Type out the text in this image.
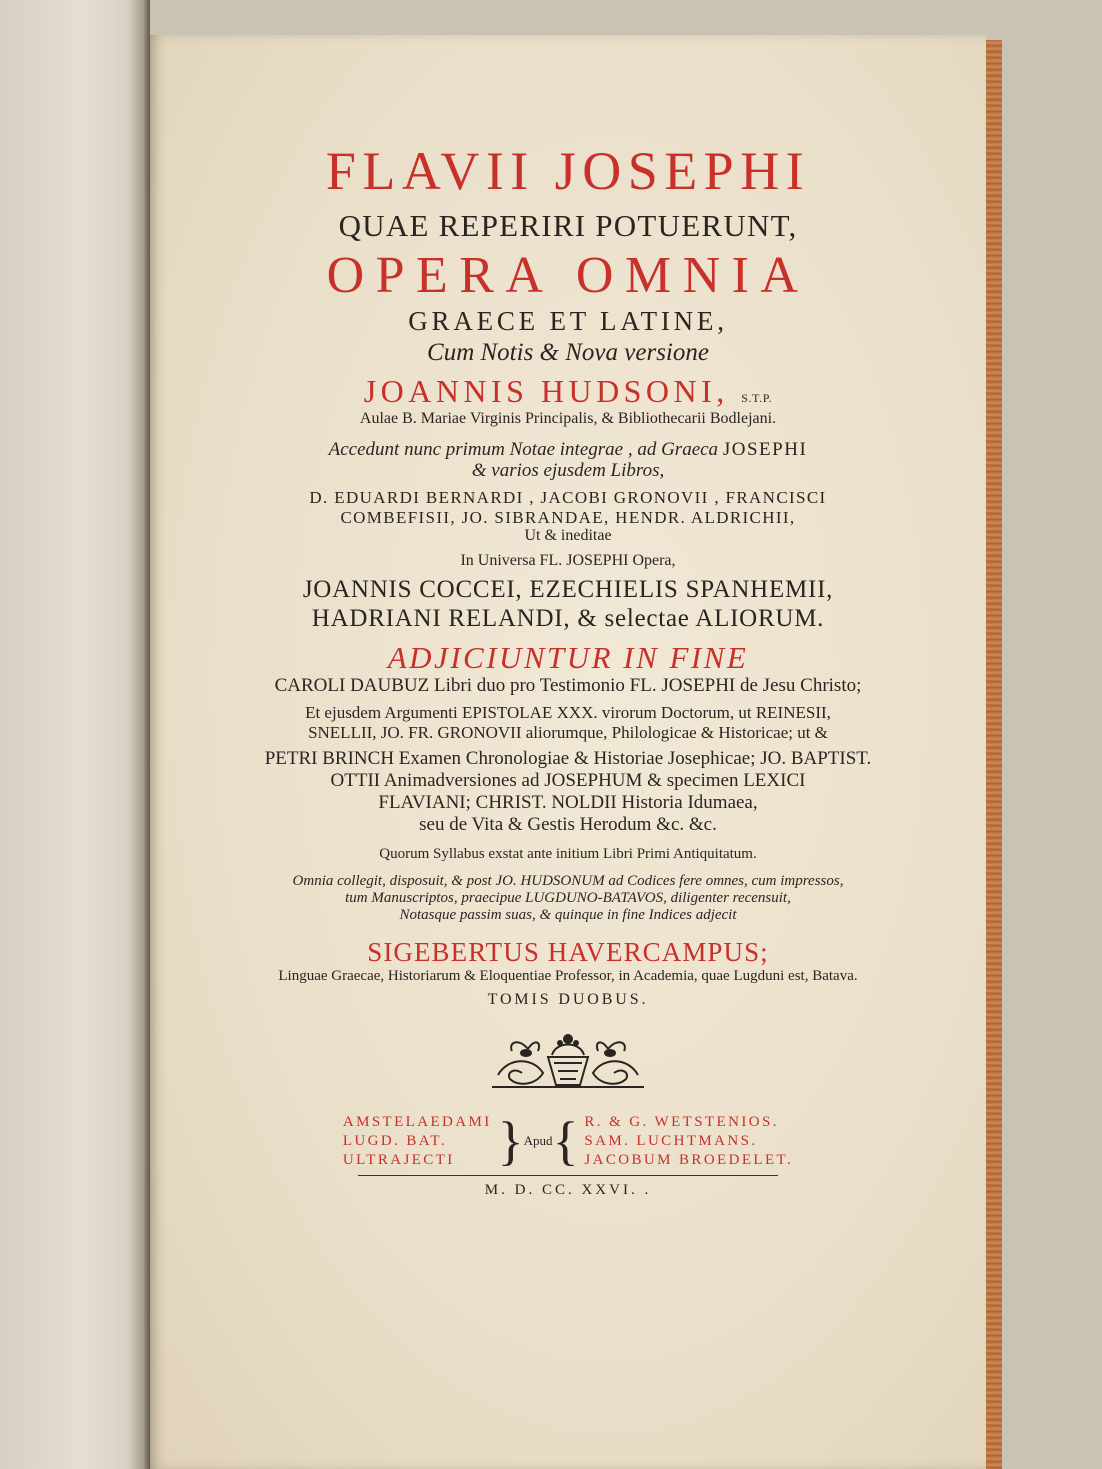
FLAVII JOSEPHI
QUAE REPERIRI POTUERUNT,
OPERA OMNIA
GRAECE ET LATINE,
Cum Notis & Nova versione
JOANNIS HUDSONI, S.T.P.
Aulae B. Mariae Virginis Principalis, & Bibliothecarii Bodlejani.
Accedunt nunc primum Notae integrae , ad Graeca JOSEPHI
& varios ejusdem Libros,
D. EDUARDI BERNARDI , JACOBI GRONOVII , FRANCISCI
COMBEFISII, JO. SIBRANDAE, HENDR. ALDRICHII,
Ut & ineditae
In Universa FL. JOSEPHI Opera,
JOANNIS COCCEI, EZECHIELIS SPANHEMII,
HADRIANI RELANDI, & selectae ALIORUM.
ADJICIUNTUR IN FINE
CAROLI DAUBUZ Libri duo pro Testimonio FL. JOSEPHI de Jesu Christo;
Et ejusdem Argumenti EPISTOLAE XXX. virorum Doctorum, ut REINESII,
SNELLII, JO. FR. GRONOVII aliorumque, Philologicae & Historicae; ut &
PETRI BRINCH Examen Chronologiae & Historiae Josephicae; JO. BAPTIST.
OTTII Animadversiones ad JOSEPHUM & specimen LEXICI
FLAVIANI; CHRIST. NOLDII Historia Idumaea,
seu de Vita & Gestis Herodum &c. &c.
Quorum Syllabus exstat ante initium Libri Primi Antiquitatum.
Omnia collegit, disposuit, & post JO. HUDSONUM ad Codices fere omnes, cum impressos,
tum Manuscriptos, praecipue LUGDUNO-BATAVOS, diligenter recensuit,
Notasque passim suas, & quinque in fine Indices adjecit
SIGEBERTUS HAVERCAMPUS;
Linguae Graecae, Historiarum & Eloquentiae Professor, in Academia, quae Lugduni est, Batava.
TOMIS DUOBUS.
AMSTELAEDAMI
LUGD. BAT.
ULTRAJECTI } Apud { R. & G. WETSTENIOS.
SAM. LUCHTMANS.
JACOBUM BROEDELET.
M. D. CC. XXVI. .
